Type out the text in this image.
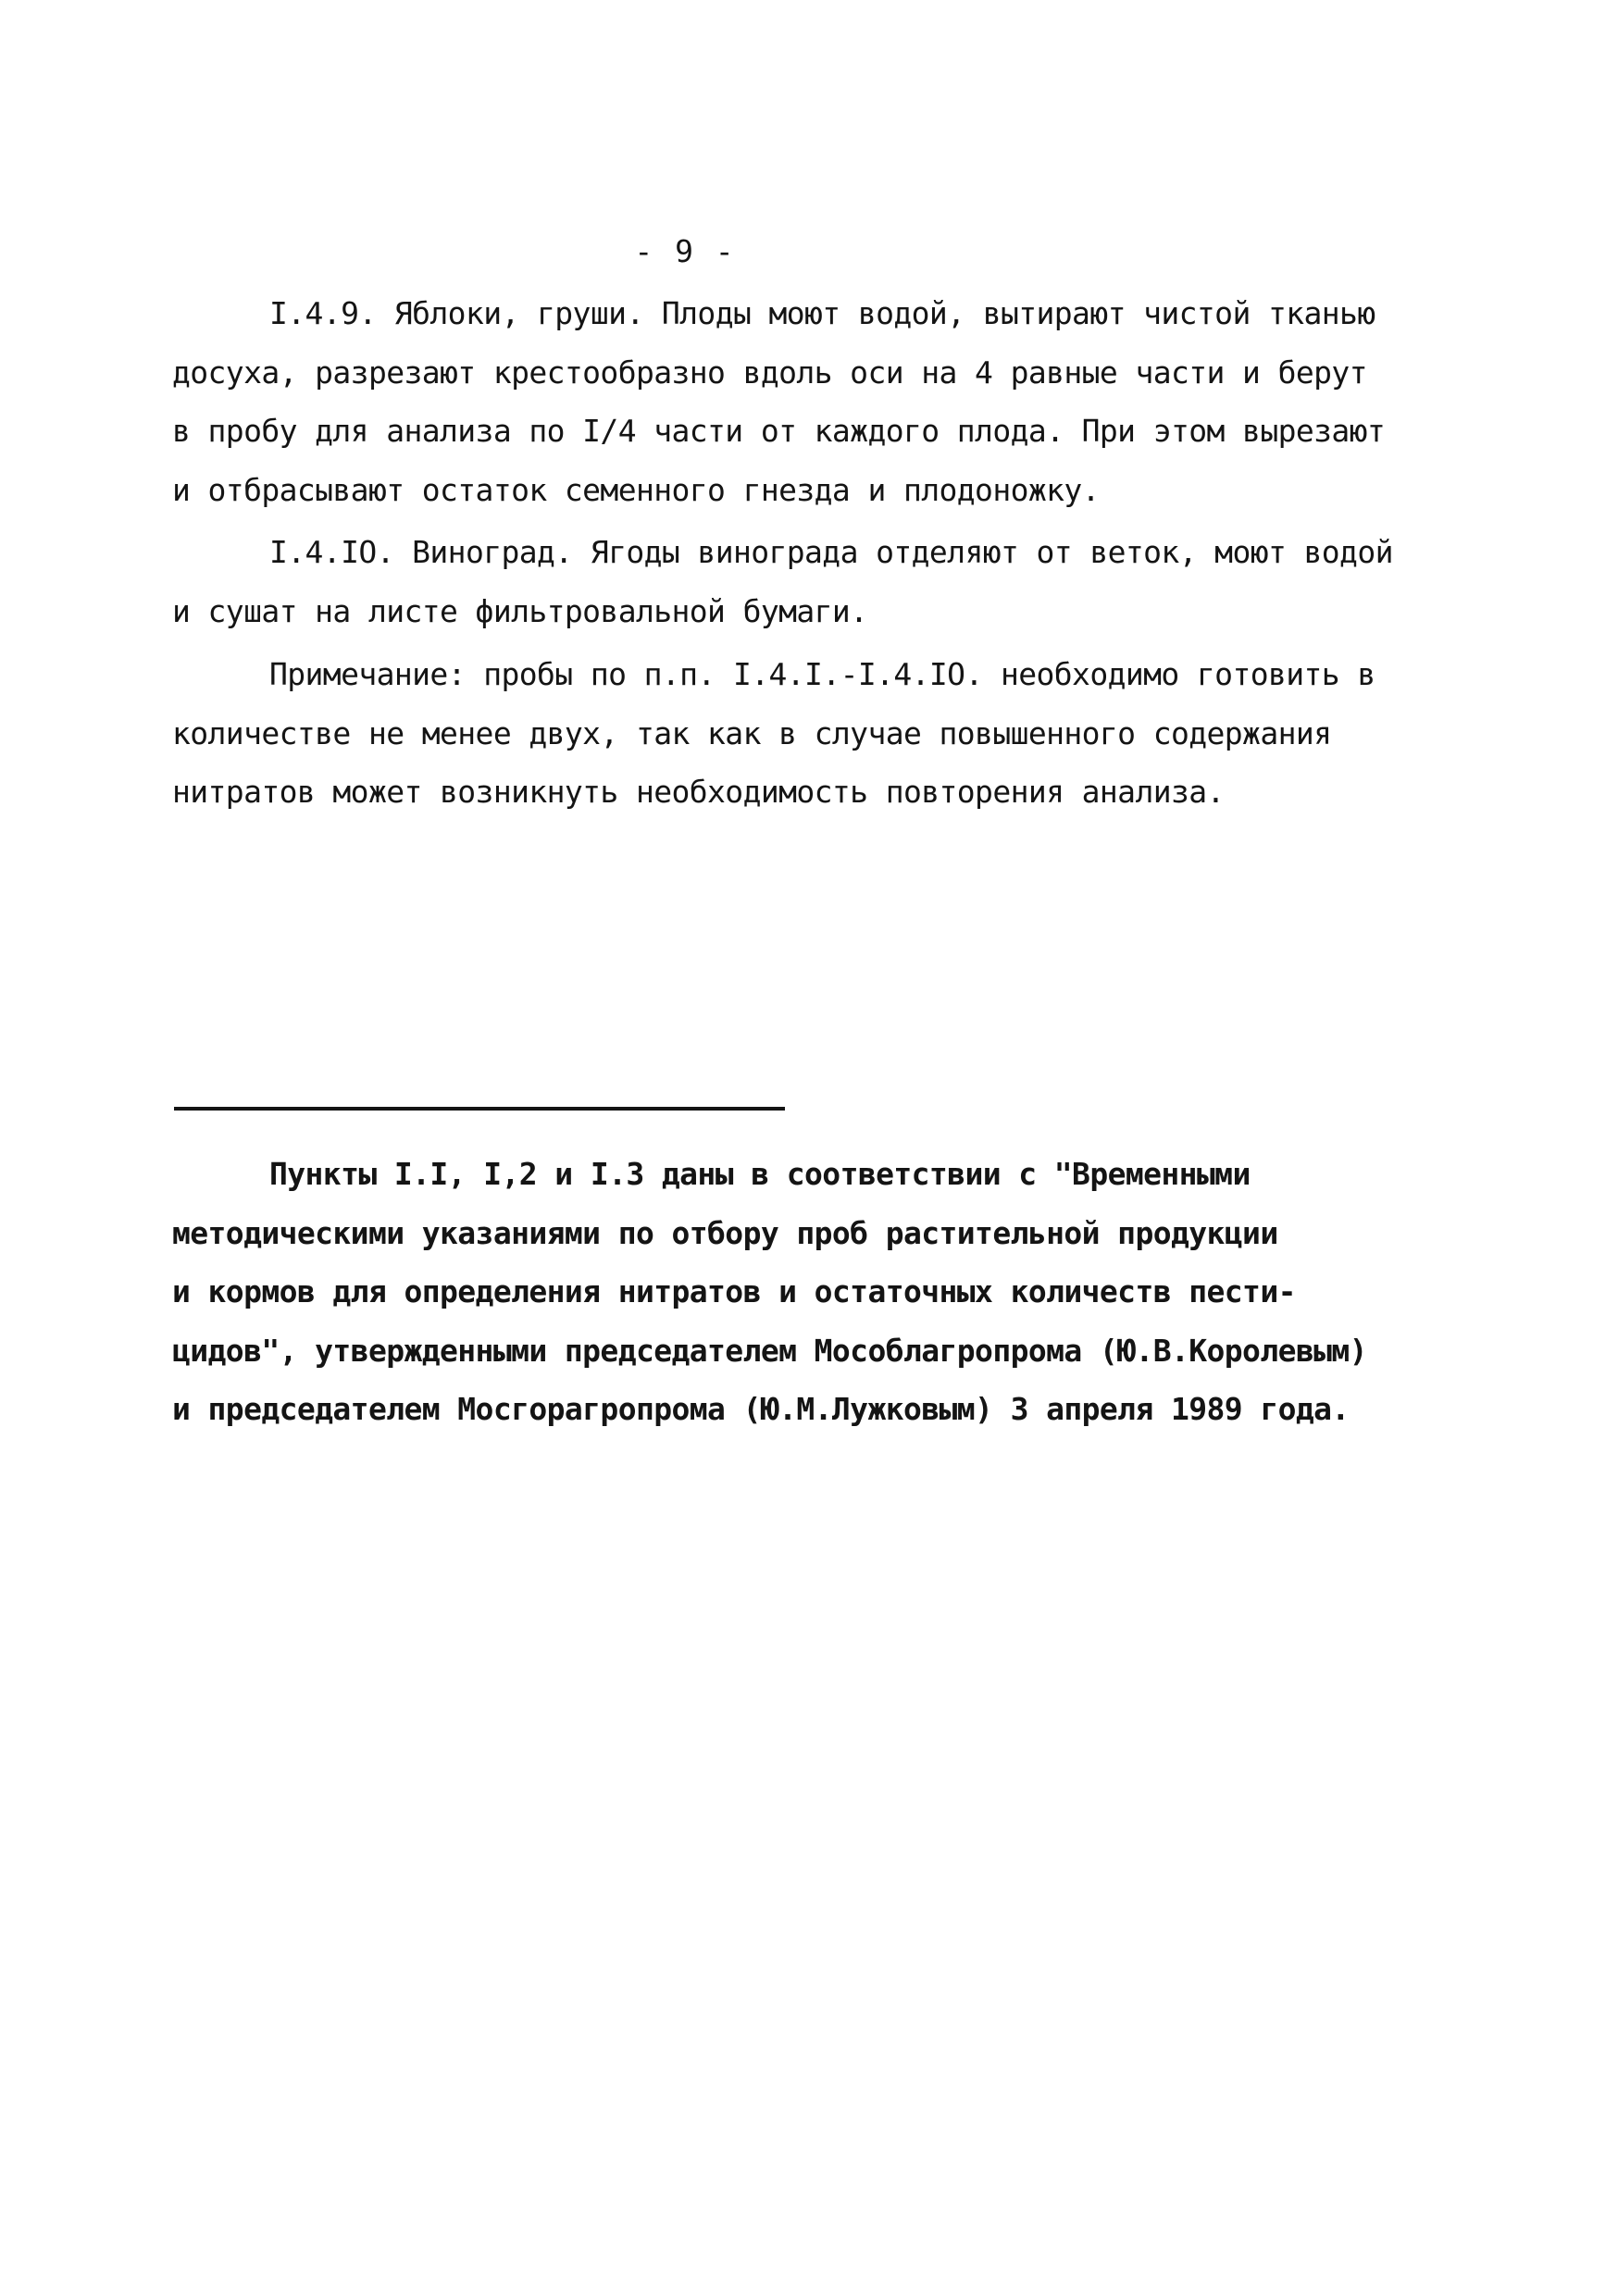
- 9 -
I.4.9. Яблоки, груши. Плоды моют водой, вытирают чистой тканью
досуха, разрезают крестообразно вдоль оси на 4 равные части и берут
в пробу для анализа по I/4 части от каждого плода. При этом вырезают
и отбрасывают остаток семенного гнезда и плодоножку.
I.4.IO. Виноград. Ягоды винограда отделяют от веток, моют водой
и сушат на листе фильтровальной бумаги.
Примечание: пробы по п.п. I.4.I.-I.4.IO. необходимо готовить в
количестве не менее двух, так как в случае повышенного содержания
нитратов может возникнуть необходимость повторения анализа.
Пункты I.I, I,2 и I.3 даны в соответствии с "Временными
методическими указаниями по отбору проб растительной продукции
и кормов для определения нитратов и остаточных количеств пести-
цидов", утвержденными председателем Мособлагропрома (Ю.В.Королевым)
и председателем Мосгорагропрома (Ю.М.Лужковым) 3 апреля 1989 года.
